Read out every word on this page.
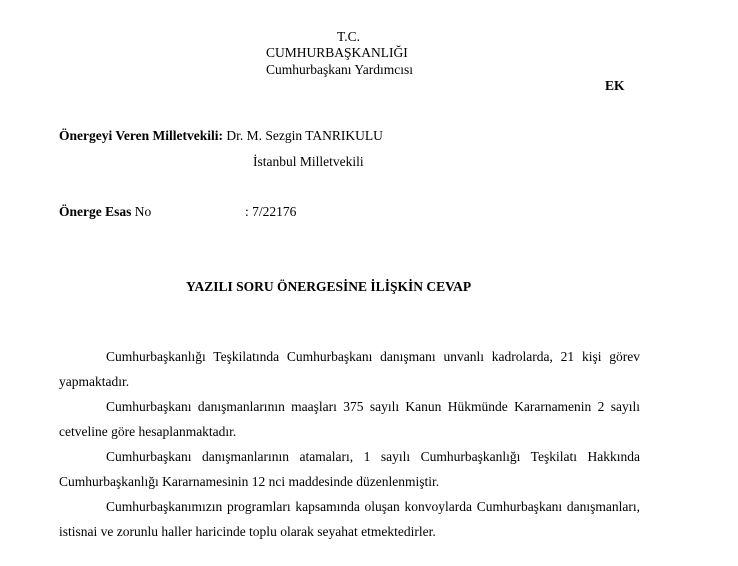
T.C.
CUMHURBAŞKANLIĞI
Cumhurbaşkanı Yardımcısı
EK
Önergeyi Veren Milletvekili: Dr. M. Sezgin TANRIKULU
İstanbul Milletvekili
Önerge Esas No	: 7/22176
YAZILI SORU ÖNERGESİNE İLİŞKİN CEVAP

Cumhurbaşkanlığı Teşkilatında Cumhurbaşkanı danışmanı unvanlı kadrolarda, 21 kişi görev yapmaktadır.

Cumhurbaşkanı danışmanlarının maaşları 375 sayılı Kanun Hükmünde Kararnamenin 2 sayılı cetveline göre hesaplanmaktadır.

Cumhurbaşkanı danışmanlarının atamaları, 1 sayılı Cumhurbaşkanlığı Teşkilatı Hakkında Cumhurbaşkanlığı Kararnamesinin 12 nci maddesinde düzenlenmiştir.

Cumhurbaşkanımızın programları kapsamında oluşan konvoylarda Cumhurbaşkanı danışmanları, istisnai ve zorunlu haller haricinde toplu olarak seyahat etmektedirler.
